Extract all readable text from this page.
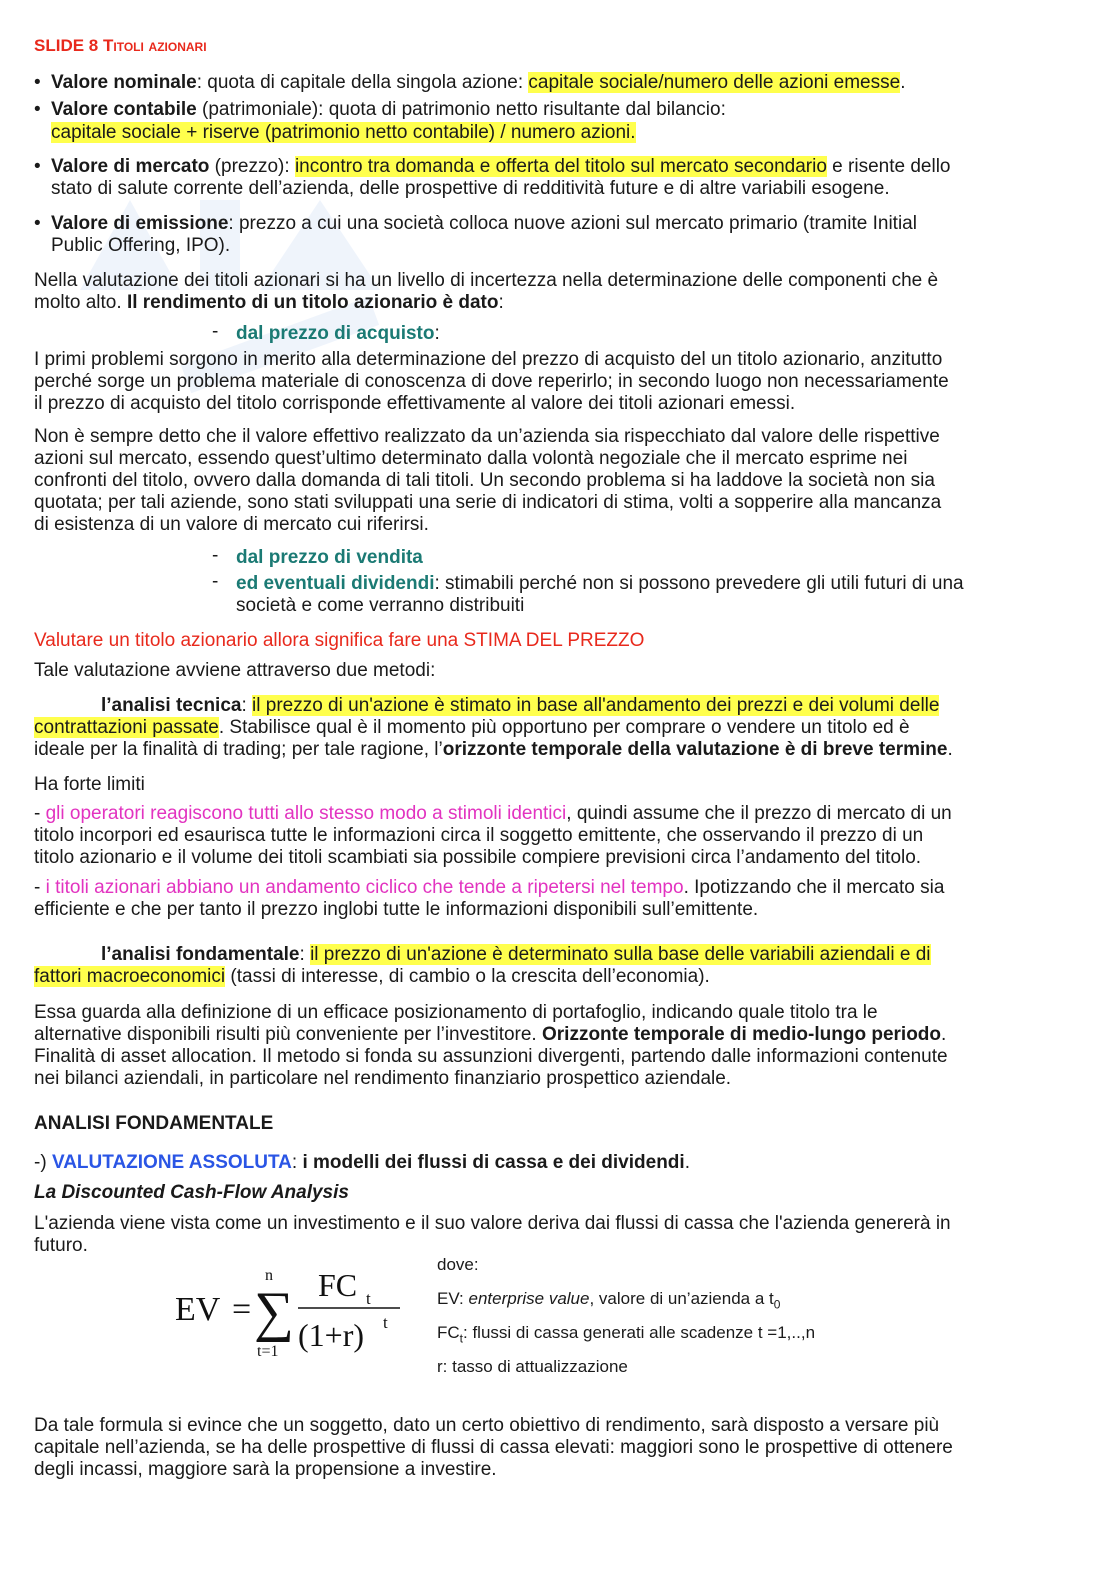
SLIDE 8 Titoli azionari
• Valore nominale: quota di capitale della singola azione: capitale sociale/numero delle azioni emesse.
• Valore contabile (patrimoniale): quota di patrimonio netto risultante dal bilancio:
capitale sociale + riserve (patrimonio netto contabile) / numero azioni.
• Valore di mercato (prezzo): incontro tra domanda e offerta del titolo sul mercato secondario e risente dello
stato di salute corrente dell’azienda, delle prospettive di redditività future e di altre variabili esogene.
• Valore di emissione: prezzo a cui una società colloca nuove azioni sul mercato primario (tramite Initial
Public Offering, IPO).
Nella valutazione dei titoli azionari si ha un livello di incertezza nella determinazione delle componenti che è
molto alto. Il rendimento di un titolo azionario è dato:
- dal prezzo di acquisto:
I primi problemi sorgono in merito alla determinazione del prezzo di acquisto del un titolo azionario, anzitutto
perché sorge un problema materiale di conoscenza di dove reperirlo; in secondo luogo non necessariamente
il prezzo di acquisto del titolo corrisponde effettivamente al valore dei titoli azionari emessi.
Non è sempre detto che il valore effettivo realizzato da un’azienda sia rispecchiato dal valore delle rispettive
azioni sul mercato, essendo quest’ultimo determinato dalla volontà negoziale che il mercato esprime nei
confronti del titolo, ovvero dalla domanda di tali titoli. Un secondo problema si ha laddove la società non sia
quotata; per tali aziende, sono stati sviluppati una serie di indicatori di stima, volti a sopperire alla mancanza
di esistenza di un valore di mercato cui riferirsi.
- dal prezzo di vendita
- ed eventuali dividendi: stimabili perché non si possono prevedere gli utili futuri di una
società e come verranno distribuiti
Valutare un titolo azionario allora significa fare una STIMA DEL PREZZO
Tale valutazione avviene attraverso due metodi:
l’analisi tecnica: il prezzo di un'azione è stimato in base all'andamento dei prezzi e dei volumi delle
contrattazioni passate. Stabilisce qual è il momento più opportuno per comprare o vendere un titolo ed è
ideale per la finalità di trading; per tale ragione, l’orizzonte temporale della valutazione è di breve termine.
Ha forte limiti
- gli operatori reagiscono tutti allo stesso modo a stimoli identici, quindi assume che il prezzo di mercato di un
titolo incorpori ed esaurisca tutte le informazioni circa il soggetto emittente, che osservando il prezzo di un
titolo azionario e il volume dei titoli scambiati sia possibile compiere previsioni circa l’andamento del titolo.
- i titoli azionari abbiano un andamento ciclico che tende a ripetersi nel tempo. Ipotizzando che il mercato sia
efficiente e che per tanto il prezzo inglobi tutte le informazioni disponibili sull’emittente.
l’analisi fondamentale: il prezzo di un'azione è determinato sulla base delle variabili aziendali e di
fattori macroeconomici (tassi di interesse, di cambio o la crescita dell’economia).
Essa guarda alla definizione di un efficace posizionamento di portafoglio, indicando quale titolo tra le
alternative disponibili risulti più conveniente per l’investitore. Orizzonte temporale di medio-lungo periodo.
Finalità di asset allocation. Il metodo si fonda su assunzioni divergenti, partendo dalle informazioni contenute
nei bilanci aziendali, in particolare nel rendimento finanziario prospettico aziendale.
ANALISI FONDAMENTALE
-) VALUTAZIONE ASSOLUTA: i modelli dei flussi di cassa e dei dividendi.
La Discounted Cash-Flow Analysis
L'azienda viene vista come un investimento e il suo valore deriva dai flussi di cassa che l'azienda genererà in
futuro.
EV = ∑
n
t=1
FC t
(1+r) t
dove:
EV: enterprise value, valore di un’azienda a $t_0$
$FC_t$: flussi di cassa generati alle scadenze t =1,..,n
r: tasso di attualizzazione
Da tale formula si evince che un soggetto, dato un certo obiettivo di rendimento, sarà disposto a versare più
capitale nell’azienda, se ha delle prospettive di flussi di cassa elevati: maggiori sono le prospettive di ottenere
degli incassi, maggiore sarà la propensione a investire.
